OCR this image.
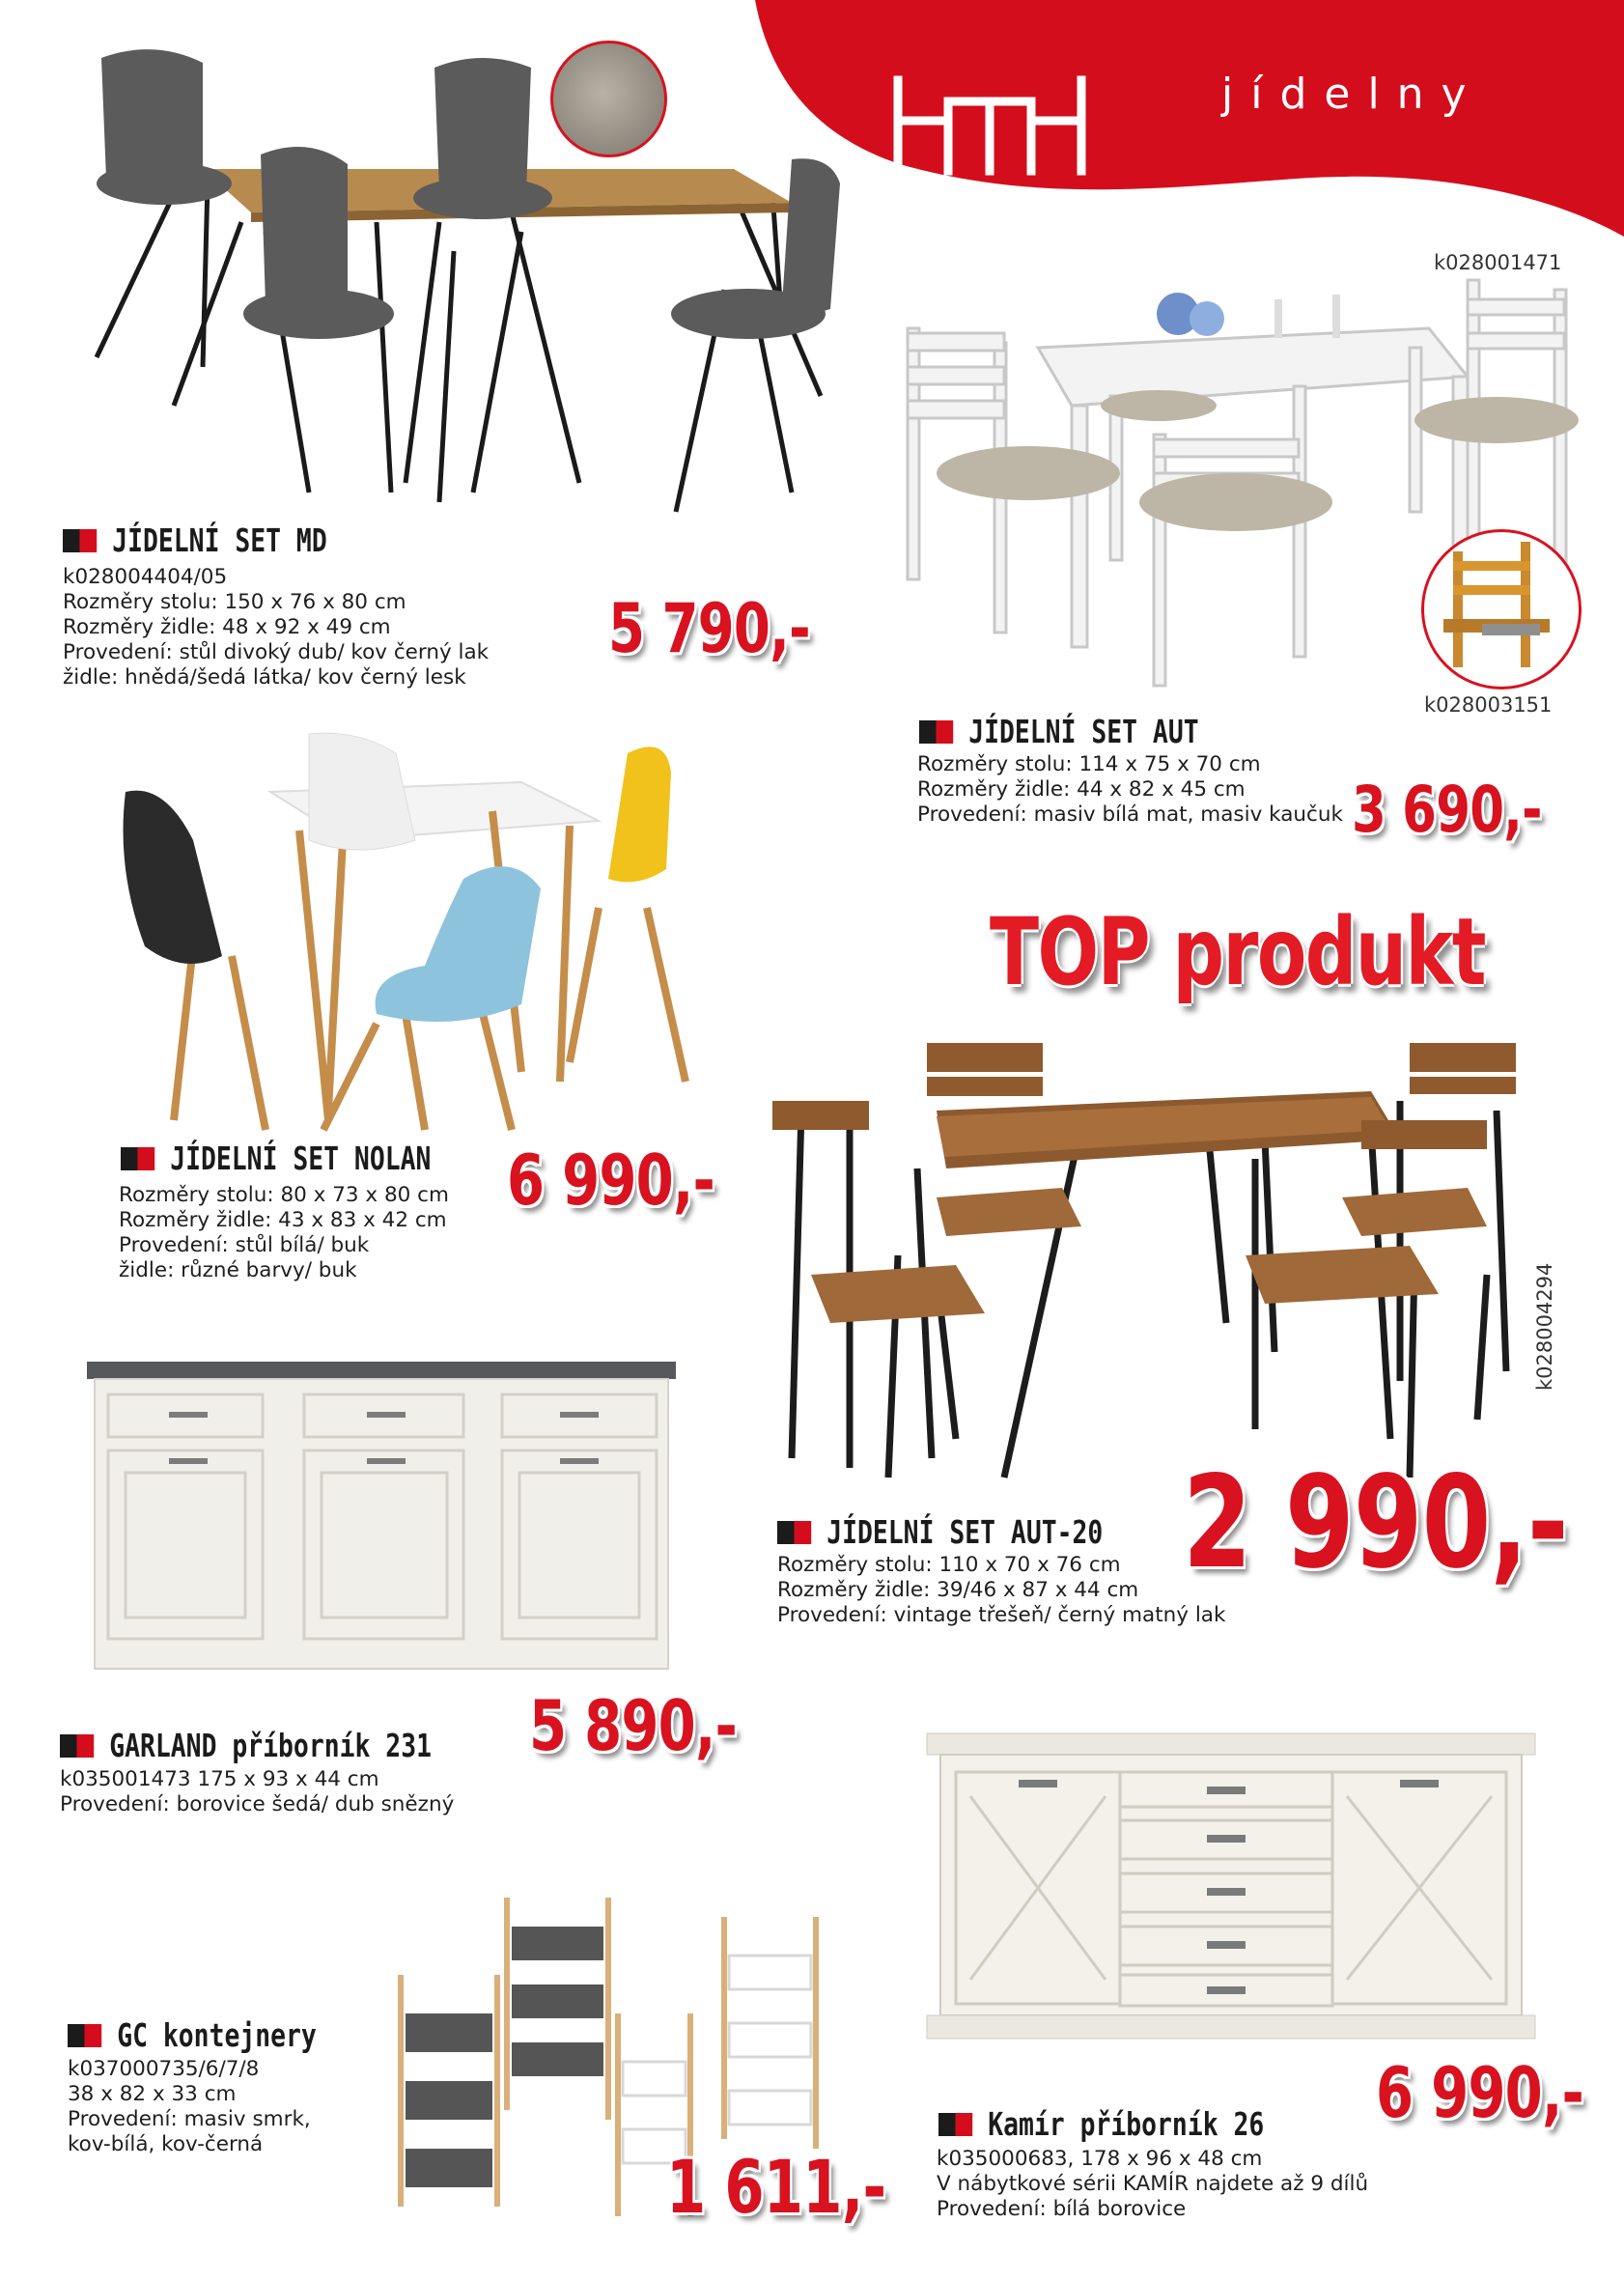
jídelny
JÍDELNÍ SET MD
k028004404/05
Rozměry stolu: 150 x 76 x 80 cm
Rozměry židle: 48 x 92 x 49 cm
Provedení: stůl divoký dub/ kov černý lak
židle: hnědá/šedá látka/ kov černý lesk
5 790,-
k028001471
k028003151
JÍDELNÍ SET AUT
Rozměry stolu: 114 x 75 x 70 cm
Rozměry židle: 44 x 82 x 45 cm
Provedení: masiv bílá mat, masiv kaučuk 3 690,-
JÍDELNÍ SET NOLAN
Rozměry stolu: 80 x 73 x 80 cm
Rozměry židle: 43 x 83 x 42 cm
Provedení: stůl bílá/ buk
židle: různé barvy/ buk
6 990,-
TOP produkt
k028004294
JÍDELNÍ SET AUT-20
Rozměry stolu: 110 x 70 x 76 cm
Rozměry židle: 39/46 x 87 x 44 cm
Provedení: vintage třešeň/ černý matný lak
2 990,-
GARLAND příborník 231
k035001473 175 x 93 x 44 cm
Provedení: borovice šedá/ dub snězný
5 890,-
GC kontejnery
k037000735/6/7/8
38 x 82 x 33 cm
Provedení: masiv smrk,
kov-bílá, kov-černá	1 611,-
Kamír příborník 26
k035000683, 178 x 96 x 48 cm
V nábytkové sérii KAMÍR najdete až 9 dílů
Provedení: bílá borovice
6 990,-
